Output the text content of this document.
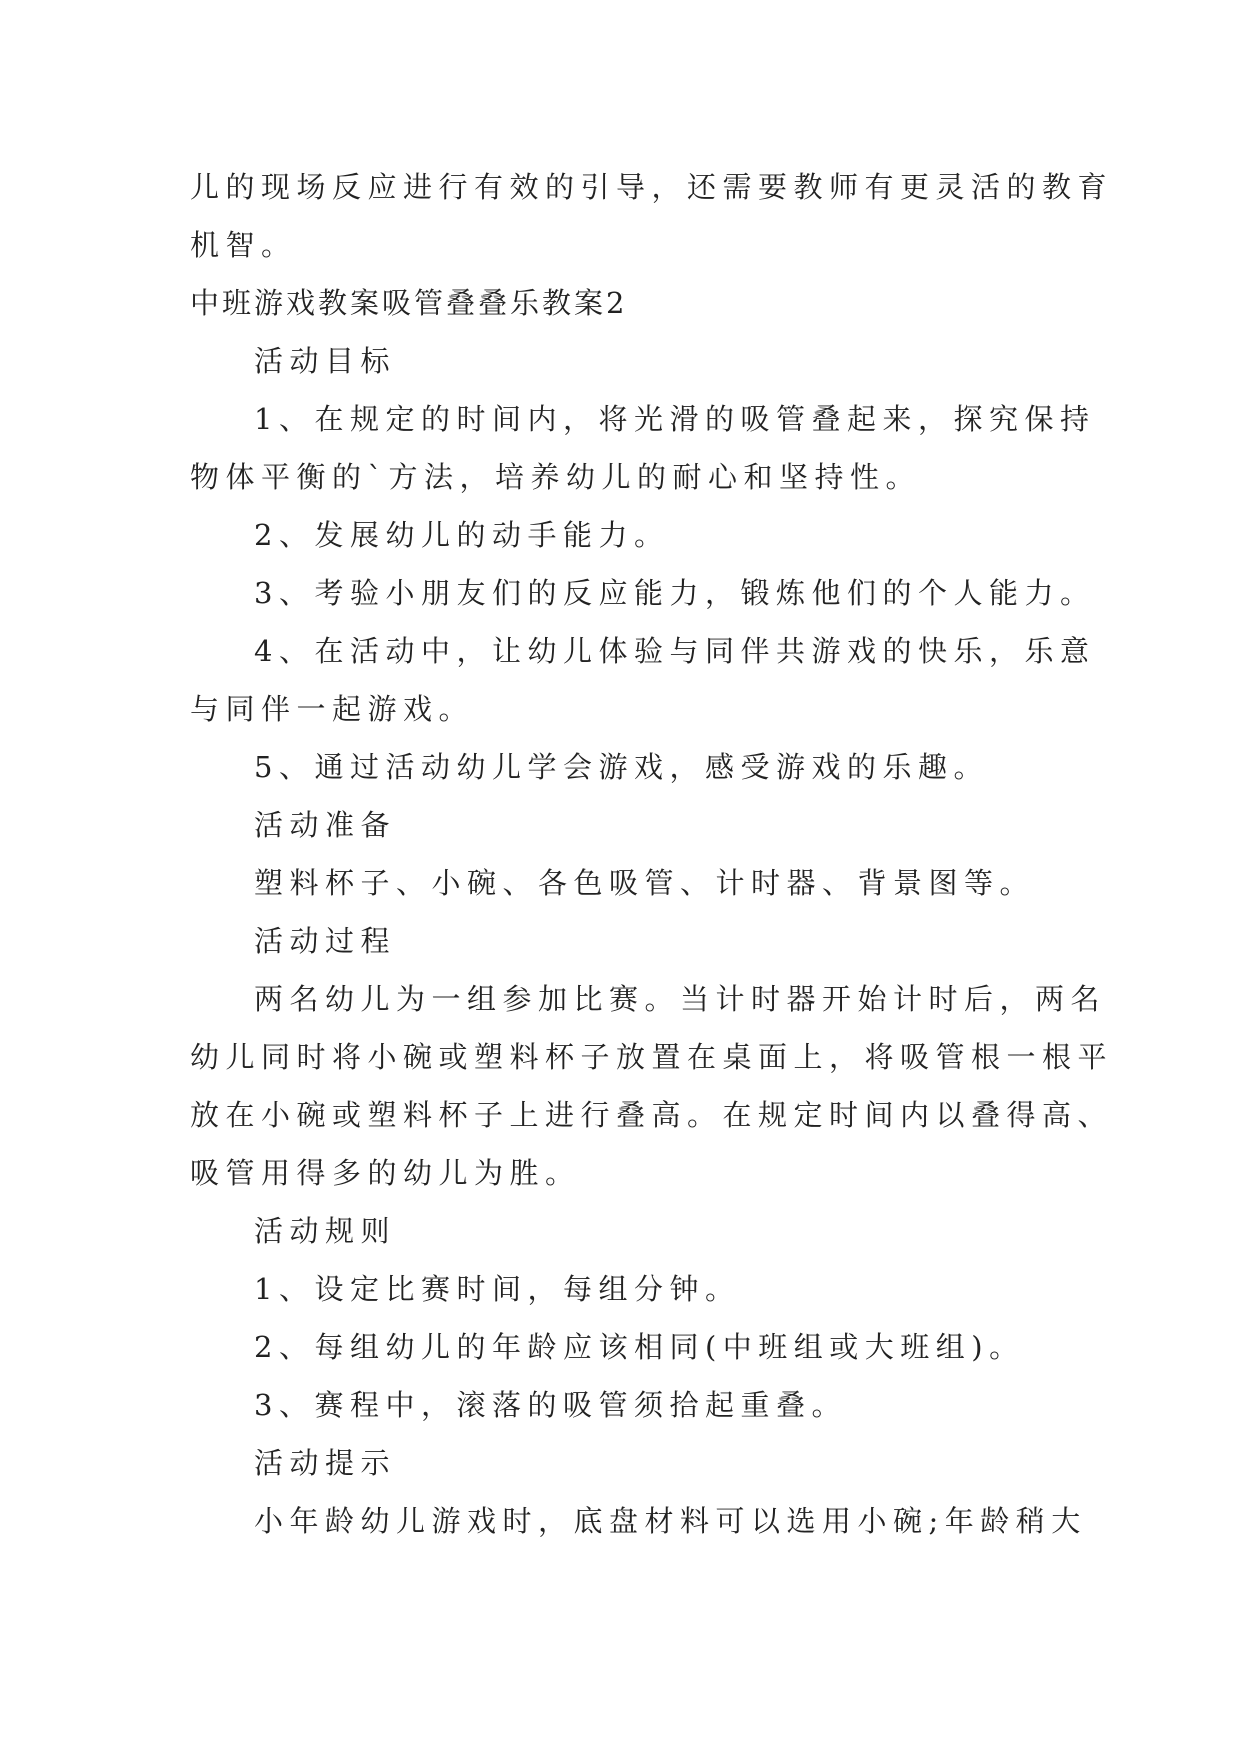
儿的现场反应进行有效的引导，还需要教师有更灵活的教育
机智。
中班游戏教案吸管叠叠乐教案2
活动目标
1、在规定的时间内，将光滑的吸管叠起来，探究保持
物体平衡的`方法，培养幼儿的耐心和坚持性。
2、发展幼儿的动手能力。
3、考验小朋友们的反应能力，锻炼他们的个人能力。
4、在活动中，让幼儿体验与同伴共游戏的快乐，乐意
与同伴一起游戏。
5、通过活动幼儿学会游戏，感受游戏的乐趣。
活动准备
塑料杯子、小碗、各色吸管、计时器、背景图等。
活动过程
两名幼儿为一组参加比赛。当计时器开始计时后，两名
幼儿同时将小碗或塑料杯子放置在桌面上，将吸管根一根平
放在小碗或塑料杯子上进行叠高。在规定时间内以叠得高、
吸管用得多的幼儿为胜。
活动规则
1、设定比赛时间，每组分钟。
2、每组幼儿的年龄应该相同(中班组或大班组)。
3、赛程中，滚落的吸管须拾起重叠。
活动提示
小年龄幼儿游戏时，底盘材料可以选用小碗;年龄稍大
